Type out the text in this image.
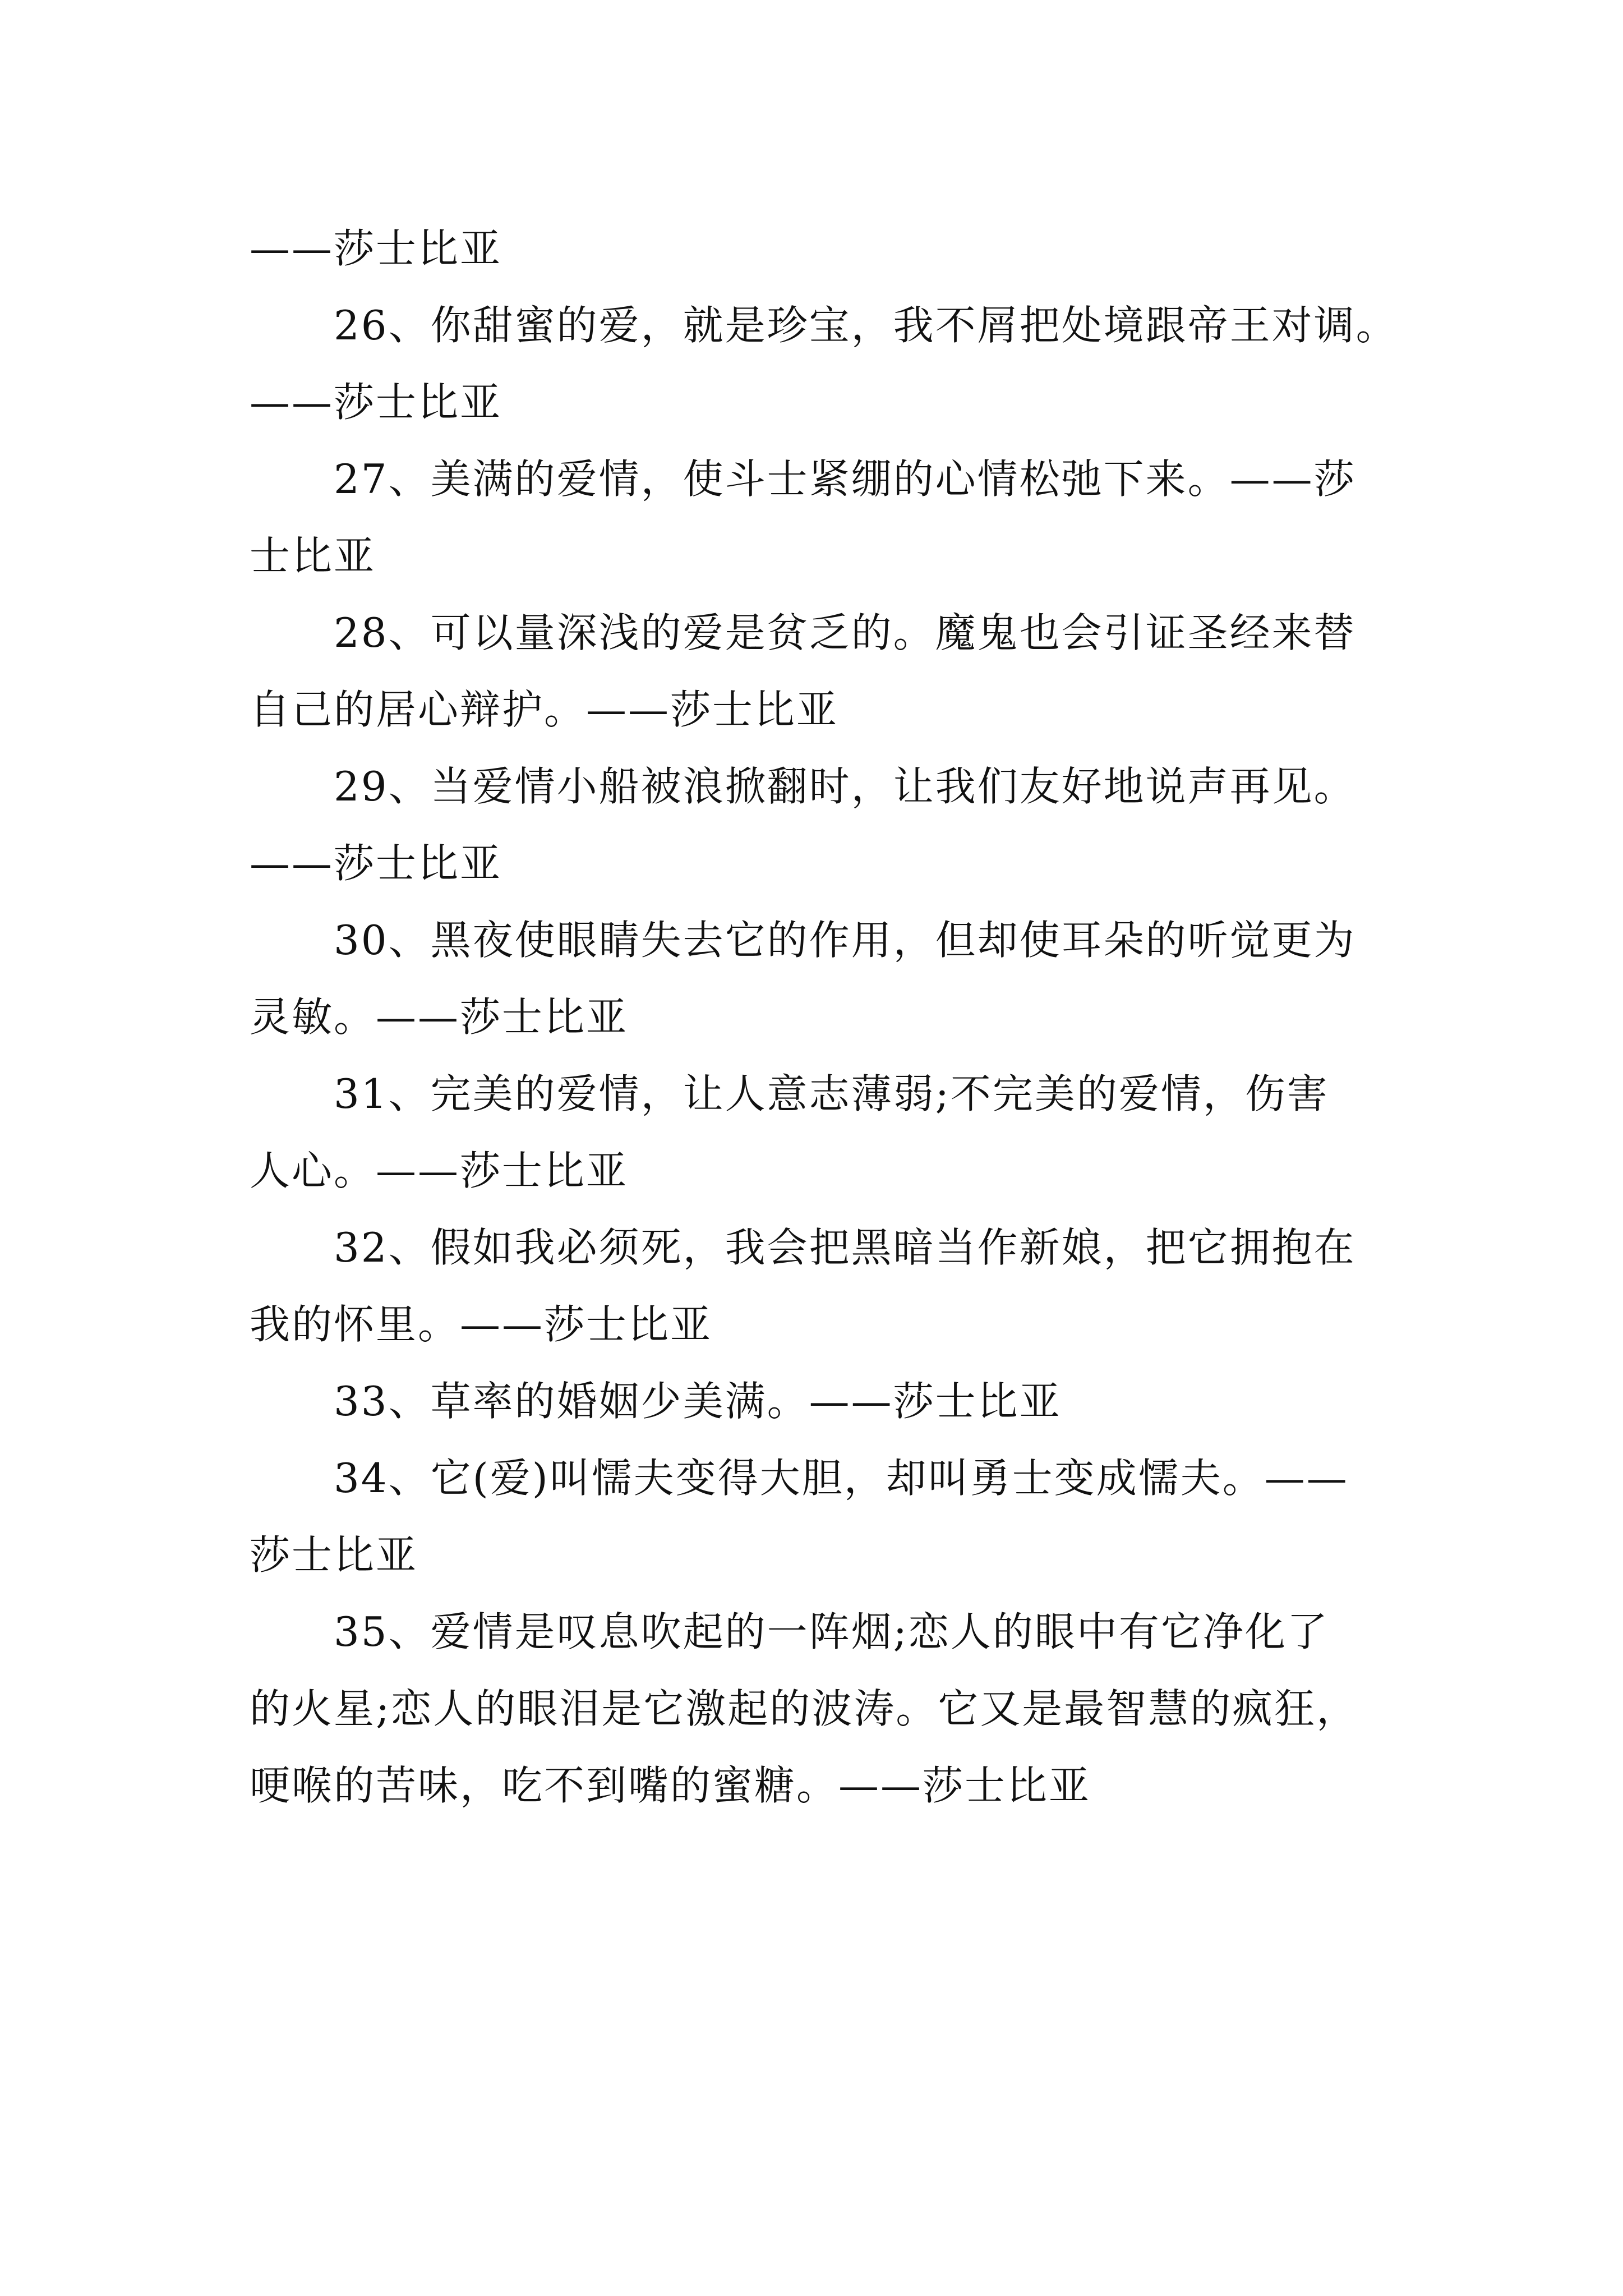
——莎士比亚
26、你甜蜜的爱，就是珍宝，我不屑把处境跟帝王对调。
——莎士比亚
27、美满的爱情，使斗士紧绷的心情松弛下来。——莎
士比亚
28、可以量深浅的爱是贫乏的。魔鬼也会引证圣经来替
自己的居心辩护。——莎士比亚
29、当爱情小船被浪掀翻时，让我们友好地说声再见。
——莎士比亚
30、黑夜使眼睛失去它的作用，但却使耳朵的听觉更为
灵敏。——莎士比亚
31、完美的爱情，让人意志薄弱;不完美的爱情，伤害
人心。——莎士比亚
32、假如我必须死，我会把黑暗当作新娘，把它拥抱在
我的怀里。——莎士比亚
33、草率的婚姻少美满。——莎士比亚
34、它(爱)叫懦夫变得大胆，却叫勇士变成懦夫。——
莎士比亚
35、爱情是叹息吹起的一阵烟;恋人的眼中有它净化了
的火星;恋人的眼泪是它激起的波涛。它又是最智慧的疯狂，
哽喉的苦味，吃不到嘴的蜜糖。——莎士比亚
